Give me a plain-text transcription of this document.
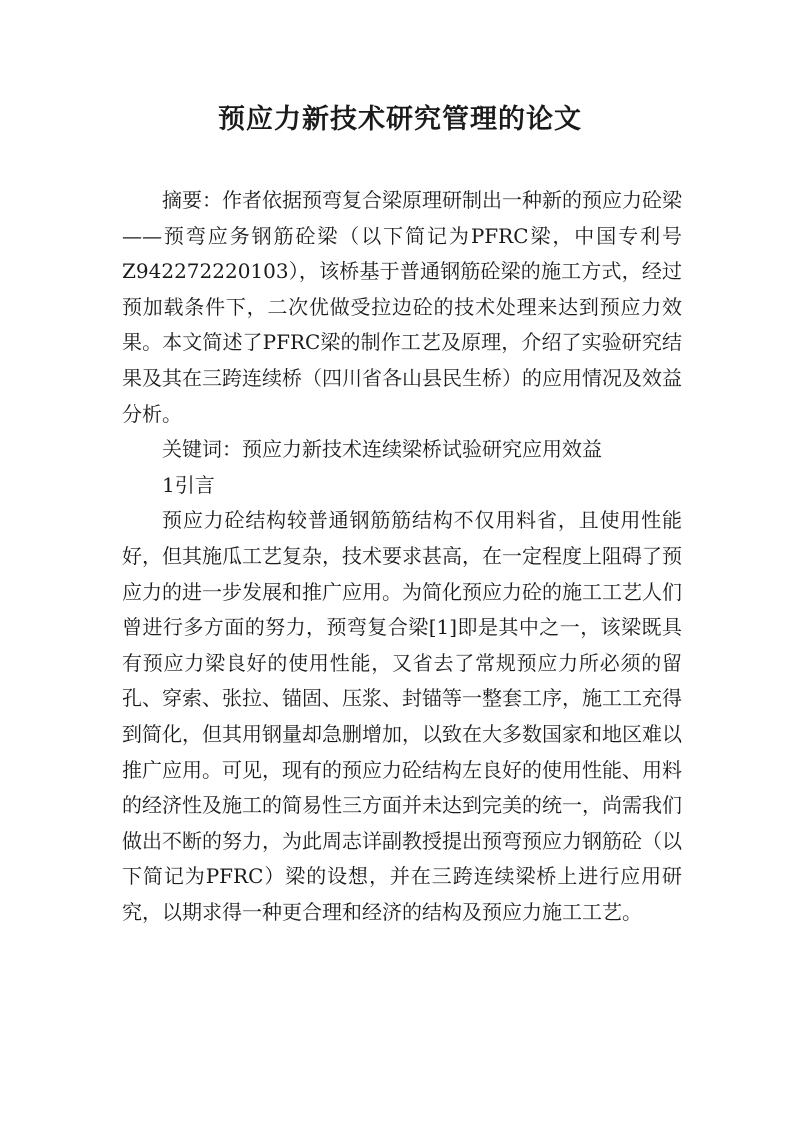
预应力新技术研究管理的论文

摘要：作者依据预弯复合梁原理研制出一种新的预应力砼梁——预弯应务钢筋砼梁（以下简记为PFRC梁，中国专利号Z942272220103），该桥基于普通钢筋砼梁的施工方式，经过预加载条件下，二次优做受拉边砼的技术处理来达到预应力效果。本文简述了PFRC梁的制作工艺及原理，介绍了实验研究结果及其在三跨连续桥（四川省各山县民生桥）的应用情况及效益分析。

关键词：预应力新技术连续梁桥试验研究应用效益

1引言

预应力砼结构较普通钢筋筋结构不仅用料省，且使用性能好，但其施瓜工艺复杂，技术要求甚高，在一定程度上阻碍了预应力的进一步发展和推广应用。为简化预应力砼的施工工艺人们曾进行多方面的努力，预弯复合梁[1]即是其中之一，该梁既具有预应力梁良好的使用性能，又省去了常规预应力所必须的留孔、穿索、张拉、锚固、压浆、封锚等一整套工序，施工工充得到简化，但其用钢量却急删增加，以致在大多数国家和地区难以推广应用。可见，现有的预应力砼结构左良好的使用性能、用料的经济性及施工的简易性三方面并未达到完美的统一，尚需我们做出不断的努力，为此周志详副教授提出预弯预应力钢筋砼（以下简记为PFRC）梁的设想，并在三跨连续梁桥上进行应用研究，以期求得一种更合理和经济的结构及预应力施工工艺。
